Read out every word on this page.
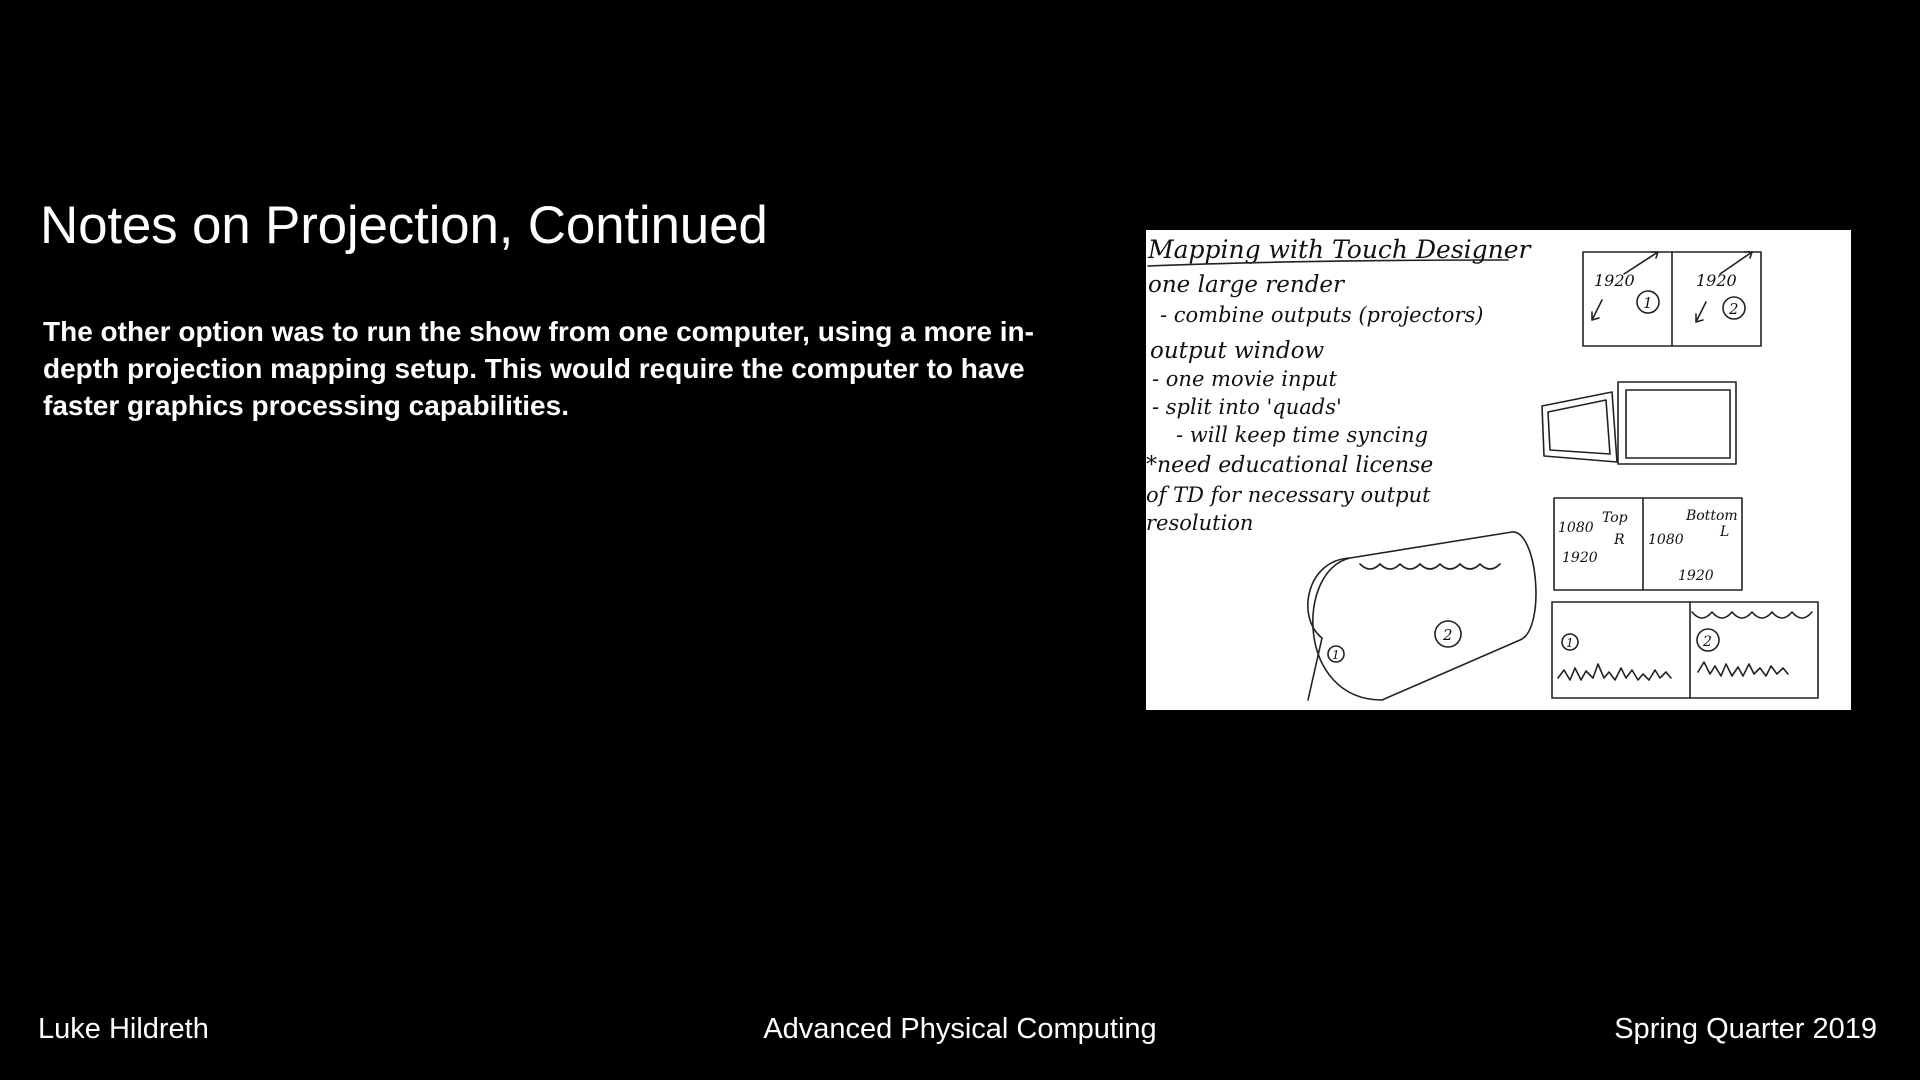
Notes on Projection, Continued

The other option was to run the show from one computer, using a more in-depth projection mapping setup. This would require the computer to have faster graphics processing capabilities.

Mapping with Touch Designer
one large render
- combine outputs (projectors)
output window
- one movie input
- split into 'quads'
- will keep time syncing
*need educational license
of TD for necessary output
resolution
1920	1920
1	2
1080
Top
R
1920
Bottom
L
1080
1920
1	2
1
2
Luke Hildreth	Advanced Physical Computing	Spring Quarter 2019
